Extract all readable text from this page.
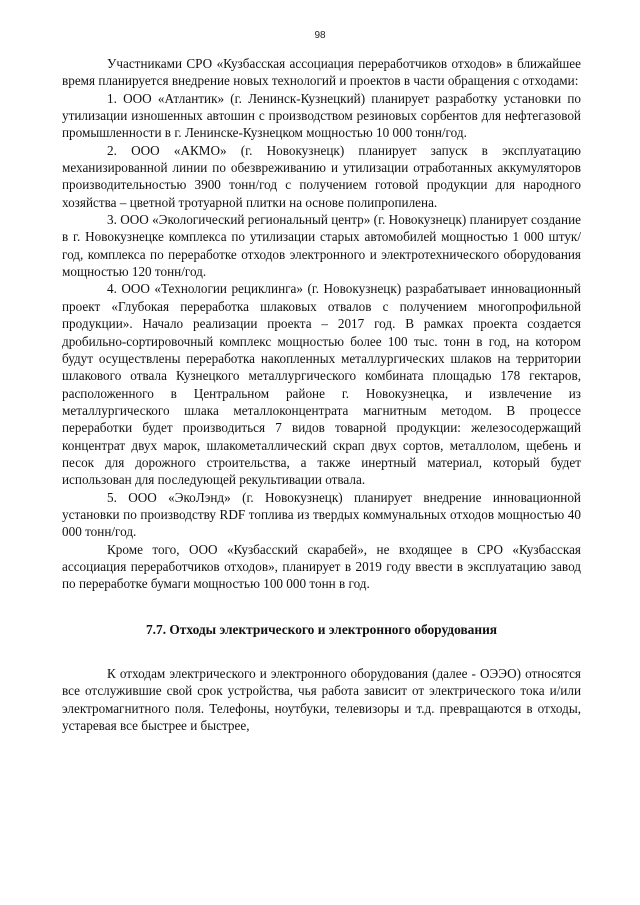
98

Участниками СРО «Кузбасская ассоциация переработчиков отходов» в ближайшее время планируется внедрение новых технологий и проектов в части обращения с отходами:

1. ООО «Атлантик» (г. Ленинск-Кузнецкий) планирует разработку установки по утилизации изношенных автошин с производством резиновых сорбентов для нефтегазовой промышленности в г. Ленинске-Кузнецком мощностью 10 000 тонн/год.

2. ООО «АКМО» (г. Новокузнецк) планирует запуск в эксплуатацию механизированной линии по обезвреживанию и утилизации отработанных аккумуляторов производительностью 3900 тонн/год с получением готовой продукции для народного хозяйства – цветной тротуарной плитки на основе полипропилена.

3. ООО «Экологический региональный центр» (г. Новокузнецк) планирует создание в г. Новокузнецке комплекса по утилизации старых автомобилей мощностью 1 000 штук/год, комплекса по переработке отходов электронного и электротехнического оборудования мощностью 120 тонн/год.

4. ООО «Технологии рециклинга» (г. Новокузнецк) разрабатывает инновационный проект «Глубокая переработка шлаковых отвалов с получением многопрофильной продукции». Начало реализации проекта – 2017 год. В рамках проекта создается дробильно-сортировочный комплекс мощностью более 100 тыс. тонн в год, на котором будут осуществлены переработка накопленных металлургических шлаков на территории шлакового отвала Кузнецкого металлургического комбината площадью 178 гектаров, расположенного в Центральном районе г. Новокузнецка, и извлечение из металлургического шлака металлоконцентрата магнитным методом. В процессе переработки будет производиться 7 видов товарной продукции: железосодержащий концентрат двух марок, шлакометаллический скрап двух сортов, металлолом, щебень и песок для дорожного строительства, а также инертный материал, который будет использован для последующей рекультивации отвала.

5. ООО «ЭкоЛэнд» (г. Новокузнецк) планирует внедрение инновационной установки по производству RDF топлива из твердых коммунальных отходов мощностью 40 000 тонн/год.

Кроме того, ООО «Кузбасский скарабей», не входящее в СРО «Кузбасская ассоциация переработчиков отходов», планирует в 2019 году ввести в эксплуатацию завод по переработке бумаги мощностью 100 000 тонн в год.

7.7. Отходы электрического и электронного оборудования

К отходам электрического и электронного оборудования (далее - ОЭЭО) относятся все отслужившие свой срок устройства, чья работа зависит от электрического тока и/или электромагнитного поля. Телефоны, ноутбуки, телевизоры и т.д. превращаются в отходы, устаревая все быстрее и быстрее,
